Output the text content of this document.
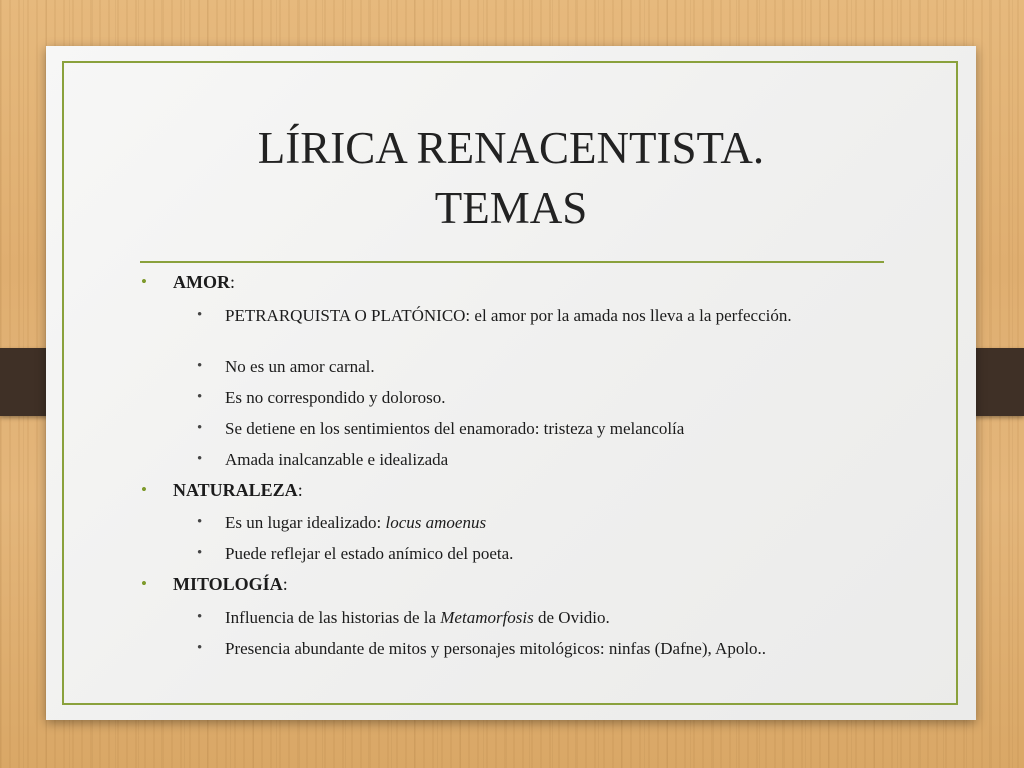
LÍRICA RENACENTISTA.
TEMAS
• AMOR:
• PETRARQUISTA O PLATÓNICO: el amor por la amada nos lleva a la perfección.
• No es un amor carnal.
• Es no correspondido y doloroso.
• Se detiene en los sentimientos del enamorado: tristeza y melancolía
• Amada inalcanzable e idealizada
• NATURALEZA:
• Es un lugar idealizado: locus amoenus
• Puede reflejar el estado anímico del poeta.
• MITOLOGÍA:
• Influencia de las historias de la Metamorfosis de Ovidio.
• Presencia abundante de mitos y personajes mitológicos: ninfas (Dafne), Apolo..
